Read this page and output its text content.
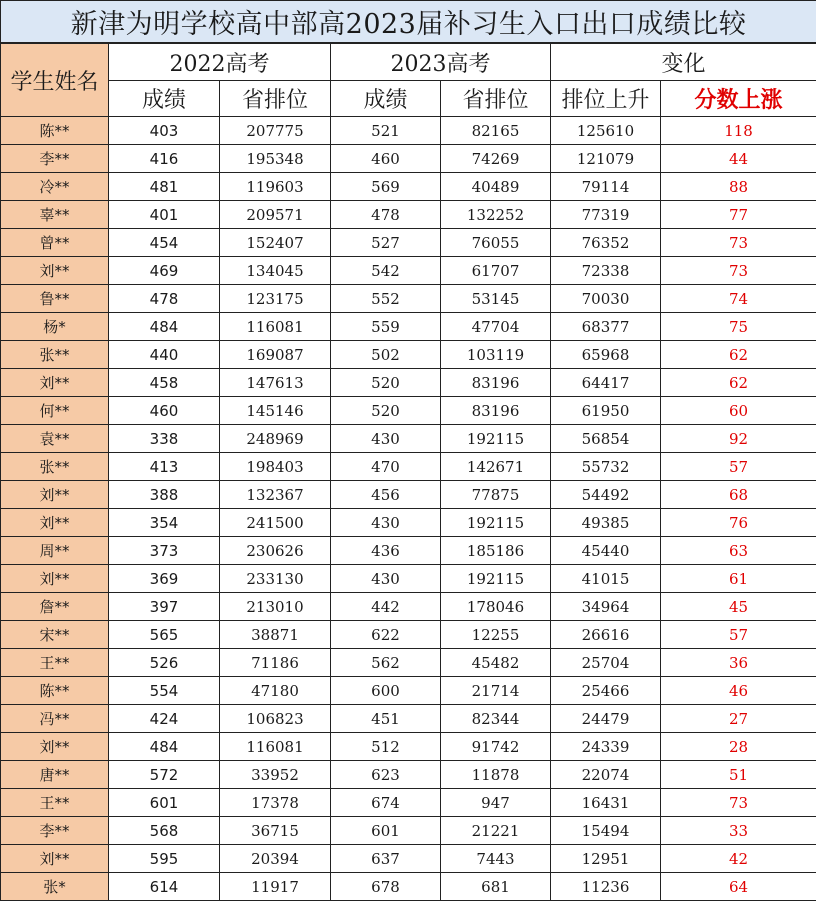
新津为明学校高中部高2023届补习生入口出口成绩比较						
学生姓名	2022高考		2023高考		变化	
	成绩	省排位	成绩	省排位	排位上升	分数上涨
陈**	403	207775	521	82165	125610	118
李**	416	195348	460	74269	121079	44
冷**	481	119603	569	40489	79114	88
辜**	401	209571	478	132252	77319	77
曾**	454	152407	527	76055	76352	73
刘**	469	134045	542	61707	72338	73
鲁**	478	123175	552	53145	70030	74
杨*	484	116081	559	47704	68377	75
张**	440	169087	502	103119	65968	62
刘**	458	147613	520	83196	64417	62
何**	460	145146	520	83196	61950	60
袁**	338	248969	430	192115	56854	92
张**	413	198403	470	142671	55732	57
刘**	388	132367	456	77875	54492	68
刘**	354	241500	430	192115	49385	76
周**	373	230626	436	185186	45440	63
刘**	369	233130	430	192115	41015	61
詹**	397	213010	442	178046	34964	45
宋**	565	38871	622	12255	26616	57
王**	526	71186	562	45482	25704	36
陈**	554	47180	600	21714	25466	46
冯**	424	106823	451	82344	24479	27
刘**	484	116081	512	91742	24339	28
唐**	572	33952	623	11878	22074	51
王**	601	17378	674	947	16431	73
李**	568	36715	601	21221	15494	33
刘**	595	20394	637	7443	12951	42
张*	614	11917	678	681	11236	64
